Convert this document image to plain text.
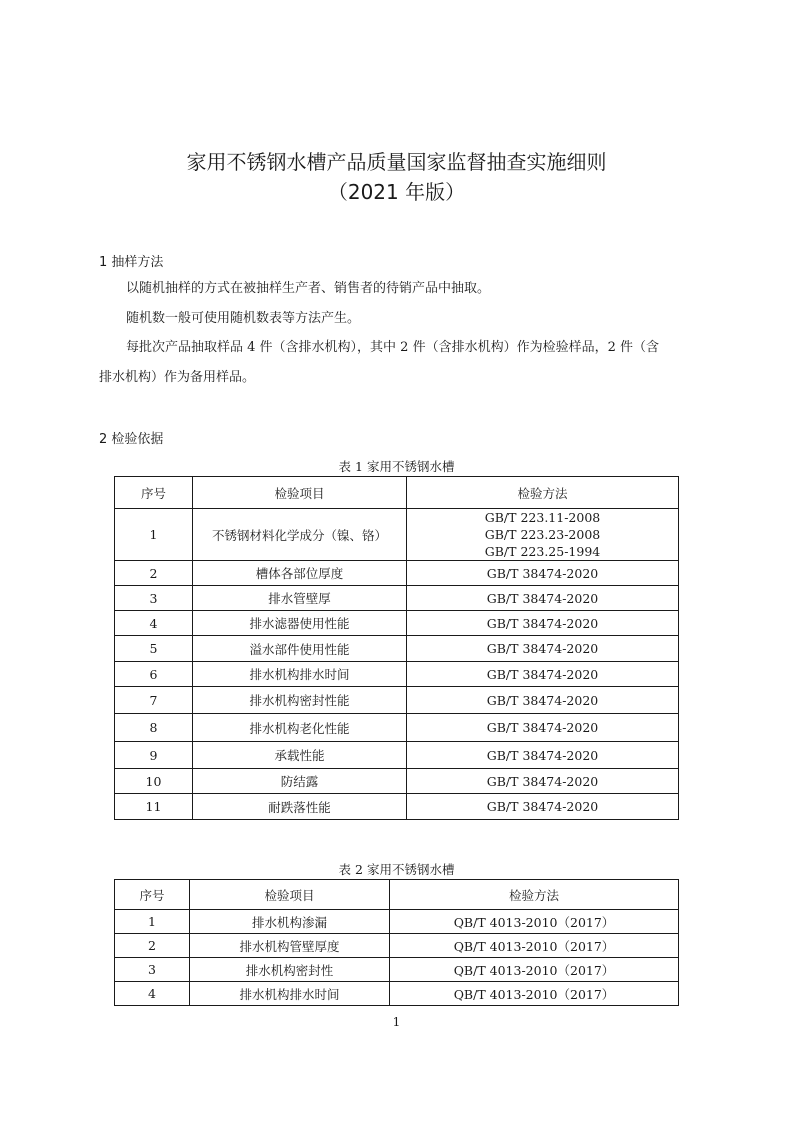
家用不锈钢水槽产品质量国家监督抽查实施细则
（2021 年版）
1 抽样方法
以随机抽样的方式在被抽样生产者、销售者的待销产品中抽取。
随机数一般可使用随机数表等方法产生。
每批次产品抽取样品 4 件（含排水机构），其中 2 件（含排水机构）作为检验样品，2 件（含
排水机构）作为备用样品。
2 检验依据
表 1 家用不锈钢水槽
序号	检验项目	检验方法
1	不锈钢材料化学成分（镍、铬）	GB/T 223.11-2008
GB/T 223.23-2008
GB/T 223.25-1994

2	槽体各部位厚度	GB/T 38474-2020
3	排水管壁厚	GB/T 38474-2020
4	排水滤器使用性能	GB/T 38474-2020
5	溢水部件使用性能	GB/T 38474-2020
6	排水机构排水时间	GB/T 38474-2020
7	排水机构密封性能	GB/T 38474-2020
8	排水机构老化性能	GB/T 38474-2020
9	承载性能	GB/T 38474-2020
10	防结露	GB/T 38474-2020
11	耐跌落性能	GB/T 38474-2020
表 2 家用不锈钢水槽
序号	检验项目	检验方法
1	排水机构渗漏	QB/T 4013-2010（2017）
2	排水机构管壁厚度	QB/T 4013-2010（2017）
3	排水机构密封性	QB/T 4013-2010（2017）
4	排水机构排水时间	QB/T 4013-2010（2017）
1
